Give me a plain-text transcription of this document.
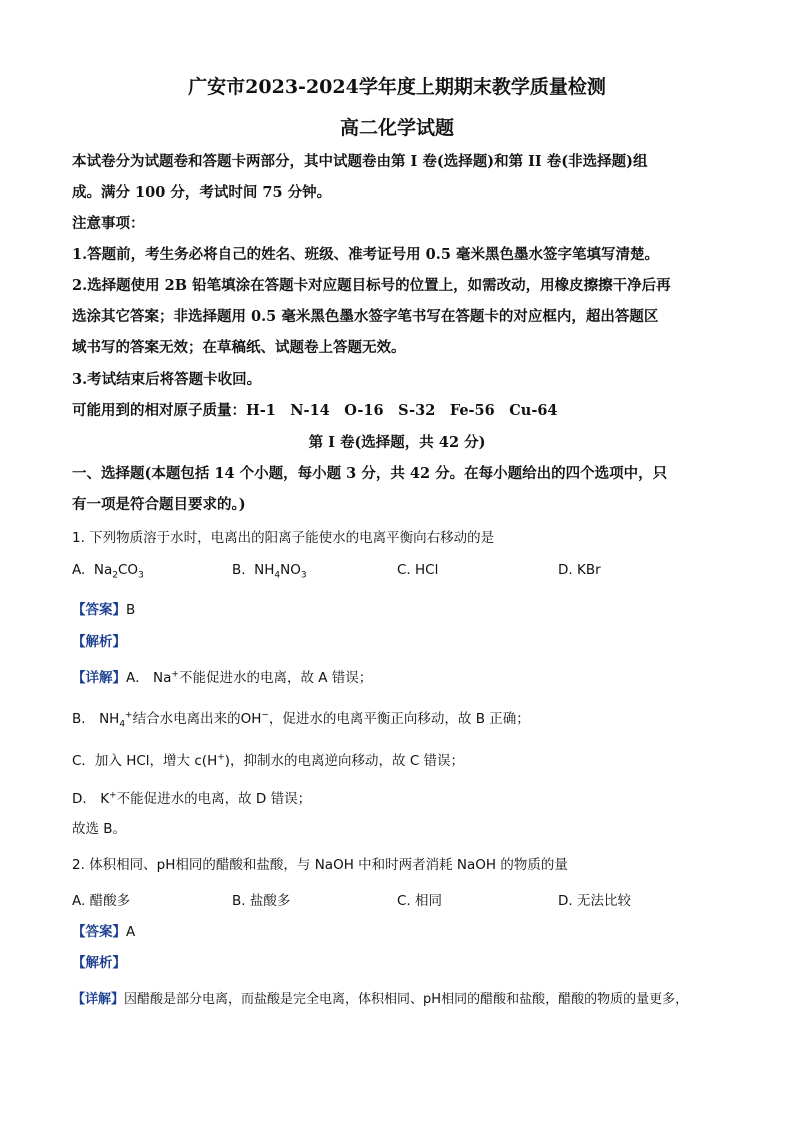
广安市2023-2024学年度上期期末教学质量检测
高二化学试题
本试卷分为试题卷和答题卡两部分，其中试题卷由第 I 卷(选择题)和第 II 卷(非选择题)组
成。满分 100 分，考试时间 75 分钟。
注意事项：
1.答题前，考生务必将自己的姓名、班级、准考证号用 0.5 毫米黑色墨水签字笔填写清楚。
2.选择题使用 2B 铅笔填涂在答题卡对应题目标号的位置上，如需改动，用橡皮擦擦干净后再
选涂其它答案；非选择题用 0.5 毫米黑色墨水签字笔书写在答题卡的对应框内，超出答题区
域书写的答案无效；在草稿纸、试题卷上答题无效。
3.考试结束后将答题卡收回。
可能用到的相对原子质量：H-1　N-14　O-16　S-32　Fe-56　Cu-64
第 I 卷(选择题，共 42 分)
一、选择题(本题包括 14 个小题，每小题 3 分，共 42 分。在每小题给出的四个选项中，只
有一项是符合题目要求的。)
1. 下列物质溶于水时，电离出的阳离子能使水的电离平衡向右移动的是
A. $Na_2CO_3$	B. $NH_4NO_3$	C. HCl	D. KBr
【答案】B
【解析】
【详解】A． Na+不能促进水的电离，故 A 错误；
B． $NH_4^+$结合水电离出来的OH−，促进水的电离平衡正向移动，故 B 正确；
C．加入 HCl，增大 c(H+)，抑制水的电离逆向移动，故 C 错误；
D． K+不能促进水的电离，故 D 错误；
故选 B。
2. 体积相同、pH相同的醋酸和盐酸，与 NaOH 中和时两者消耗 NaOH 的物质的量
A. 醋酸多	B. 盐酸多	C. 相同	D. 无法比较
【答案】A
【解析】
【详解】因醋酸是部分电离，而盐酸是完全电离，体积相同、pH相同的醋酸和盐酸，醋酸的物质的量更多，
